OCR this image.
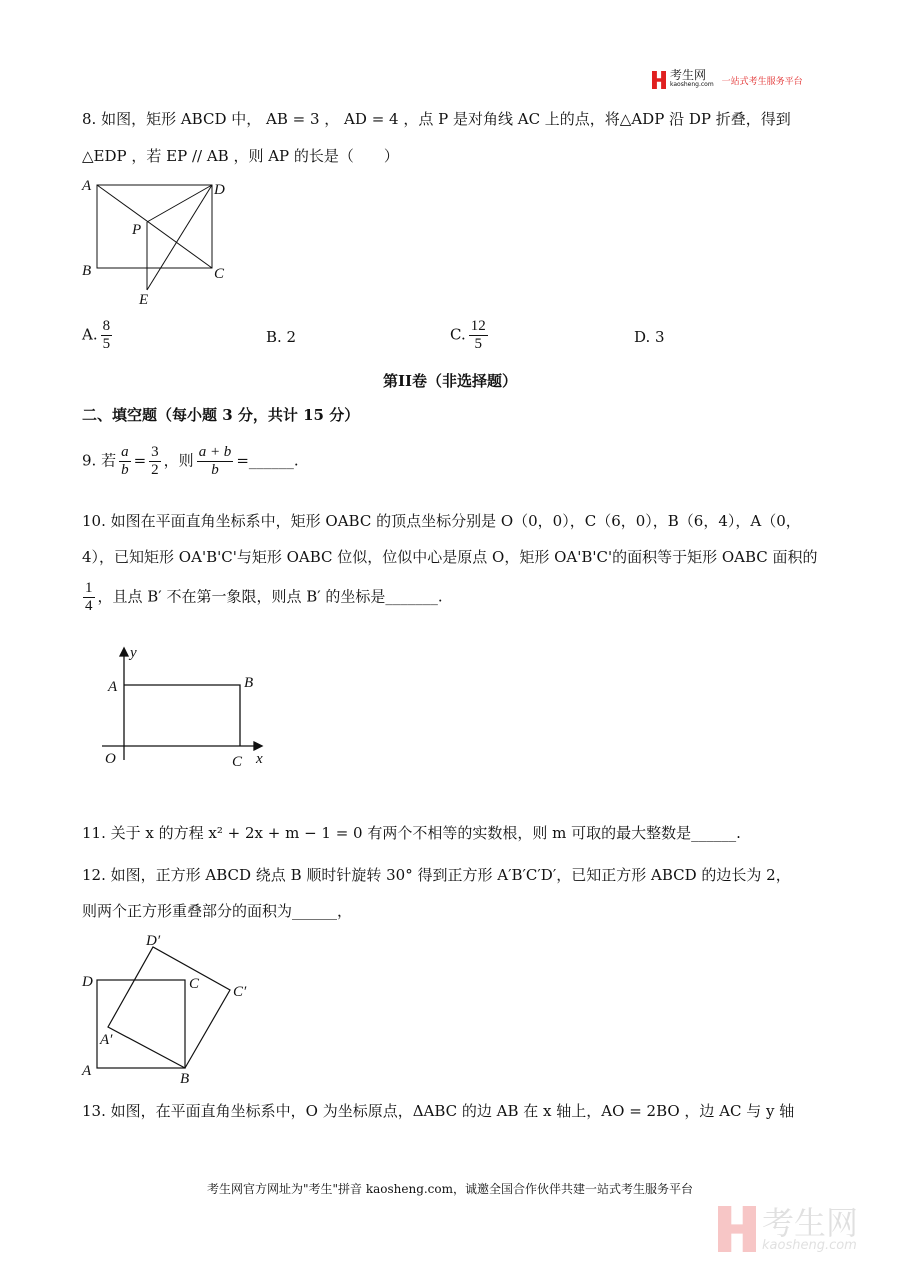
考生网
kaosheng.com 一站式考生服务平台
8. 如图，矩形 ABCD 中， AB = 3 ， AD = 4 ，点 P 是对角线 AC 上的点，将△ADP 沿 DP 折叠，得到
△EDP ，若 EP // AB ，则 AP 的长是（　　）
A	D
P
B	C
E
A	B
O	C x
y
D′
D	C C′
A′
A	B
A. $\frac{8}{5}$	B. 2	C. $\frac{12}{5}$	D. 3
第II卷（非选择题）
二、填空题（每小题 3 分，共计 15 分）
9. 若 $\frac{a}{b} = \frac{3}{2}$ ，则 $\frac{a + b}{b}$ =______.
10. 如图在平面直角坐标系中，矩形 OABC 的顶点坐标分别是 O（0，0），C（6，0），B（6，4），A（0，
4），已知矩形 OA'B'C'与矩形 OABC 位似，位似中心是原点 O，矩形 OA'B'C'的面积等于矩形 OABC 面积的
$\frac{1}{4}$ ，且点 B′ 不在第一象限，则点 B′ 的坐标是_______.
11. 关于 x 的方程 x² + 2x + m − 1 = 0 有两个不相等的实数根，则 m 可取的最大整数是______.
12. 如图，正方形 ABCD 绕点 B 顺时针旋转 30° 得到正方形 A′B′C′D′，已知正方形 ABCD 的边长为 2，
则两个正方形重叠部分的面积为______，
13. 如图，在平面直角坐标系中，O 为坐标原点，ΔABC 的边 AB 在 x 轴上，AO = 2BO ，边 AC 与 y 轴
考生网官方网址为"考生"拼音 kaosheng.com，诚邀全国合作伙伴共建一站式考生服务平台
考生网
kaosheng.com
